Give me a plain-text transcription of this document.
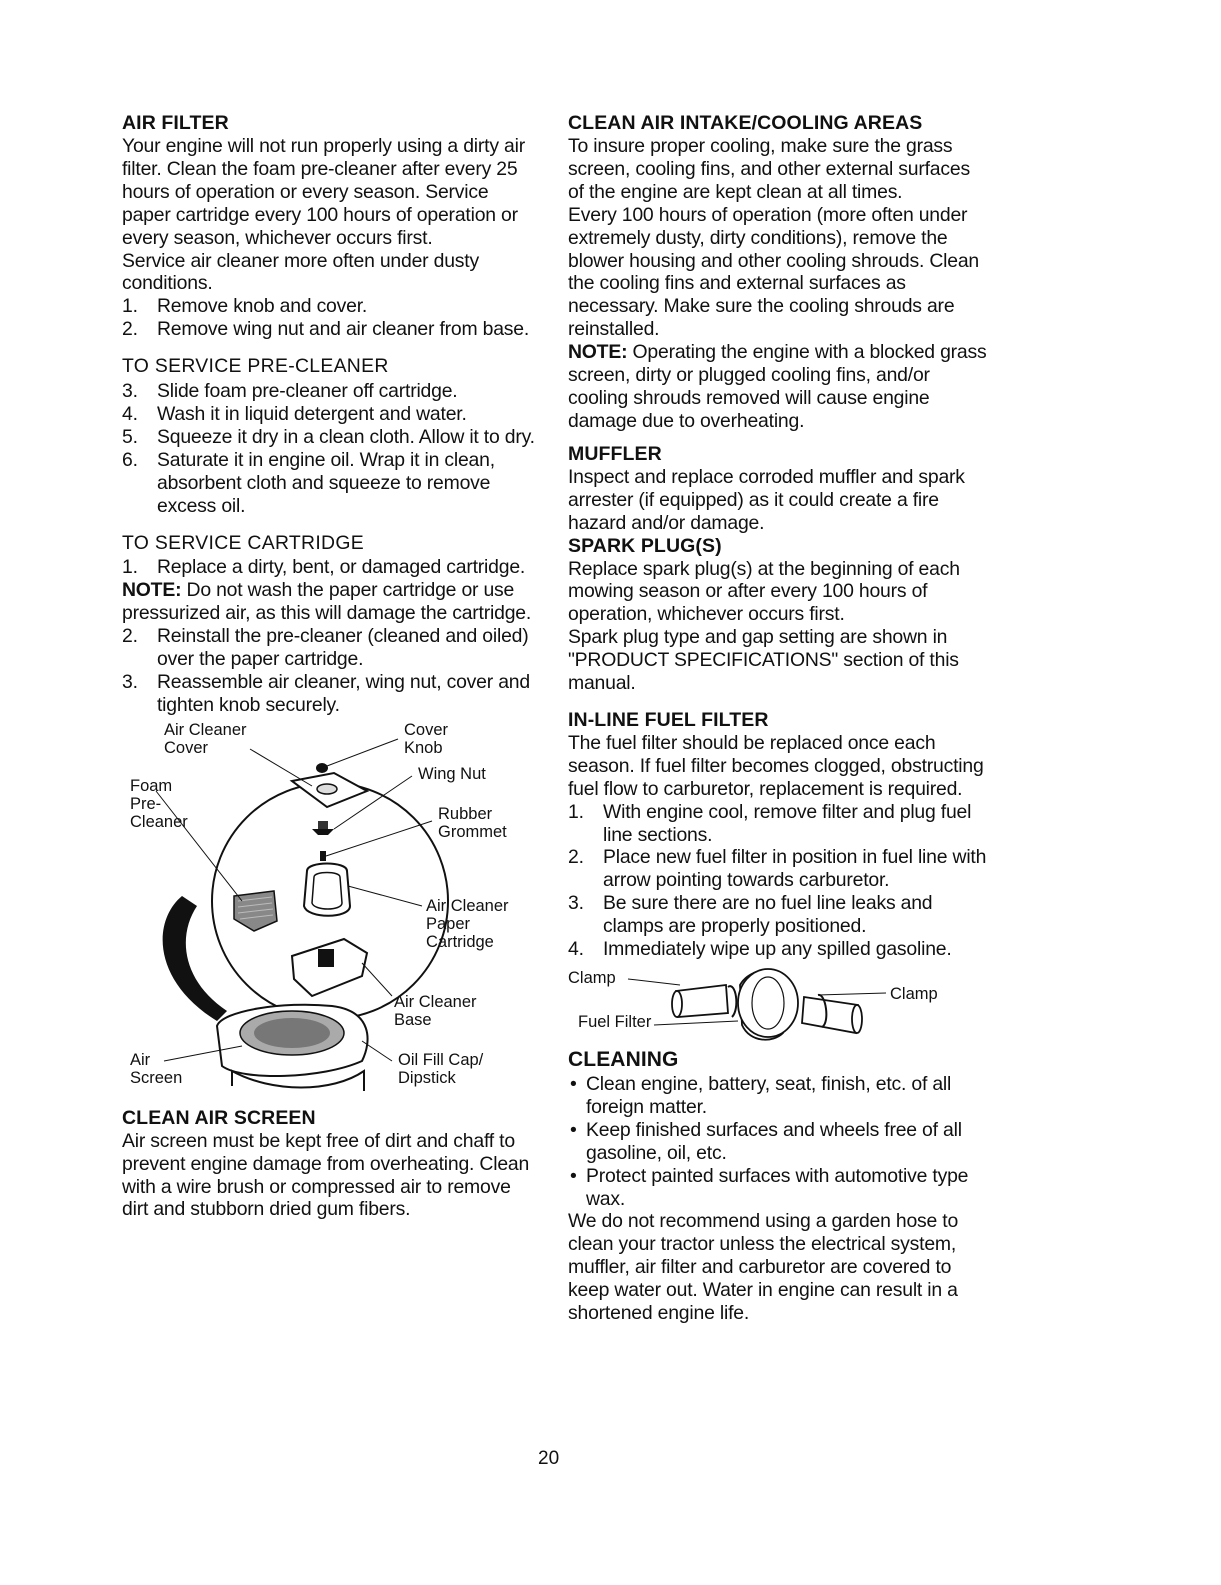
AIR FILTER

Your engine will not run properly using a dirty air filter. Clean the foam pre-cleaner after every 25 hours of operation or every season. Service paper cartridge every 100 hours of operation or every season, whichever occurs first.

Service air cleaner more often under dusty conditions.

1. Remove knob and cover.
2. Remove wing nut and air cleaner from base.

TO SERVICE PRE-CLEANER

3. Slide foam pre-cleaner off cartridge.
4. Wash it in liquid detergent and water.
5. Squeeze it dry in a clean cloth. Allow it to dry.
6. Saturate it in engine oil. Wrap it in clean, absorbent cloth and squeeze to remove excess oil.

TO SERVICE CARTRIDGE

1. Replace a dirty, bent, or damaged cartridge.

NOTE: Do not wash the paper cartridge or use pressurized air, as this will damage the cartridge.

2. Reinstall the pre-cleaner (cleaned and oiled) over the paper cartridge.
3. Reassemble air cleaner, wing nut, cover and tighten knob securely.
Air Cleaner
Cover
Cover
Knob
Wing Nut
Foam
Pre-
Cleaner	Rubber
Grommet
Air Cleaner
Paper
Cartridge
Air Cleaner
Base
Air
Screen
Oil Fill Cap/
Dipstick
CLEAN AIR SCREEN

Air screen must be kept free of dirt and chaff to prevent engine damage from overheating. Clean with a wire brush or compressed air to remove dirt and stubborn dried gum fibers.

CLEAN AIR INTAKE/COOLING AREAS

To insure proper cooling, make sure the grass screen, cooling fins, and other external surfaces of the engine are kept clean at all times.

Every 100 hours of operation (more often under extremely dusty, dirty conditions), remove the blower housing and other cooling shrouds. Clean the cooling fins and external surfaces as necessary. Make sure the cooling shrouds are reinstalled.

NOTE: Operating the engine with a blocked grass screen, dirty or plugged cooling fins, and/or cooling shrouds removed will cause engine damage due to overheating.

MUFFLER

Inspect and replace corroded muffler and spark arrester (if equipped) as it could create a fire hazard and/or damage.

SPARK PLUG(S)

Replace spark plug(s) at the beginning of each mowing season or after every 100 hours of operation, whichever occurs first.

Spark plug type and gap setting are shown in "PRODUCT SPECIFICATIONS" section of this manual.

IN-LINE FUEL FILTER

The fuel filter should be replaced once each season. If fuel filter becomes clogged, obstructing fuel flow to carburetor, replacement is required.

1. With engine cool, remove filter and plug fuel line sections.
2. Place new fuel filter in position in fuel line with arrow pointing towards carburetor.
3. Be sure there are no fuel line leaks and clamps are properly positioned.
4. Immediately wipe up any spilled gasoline.
Clamp
Clamp
Fuel Filter
CLEANING
• Clean engine, battery, seat, finish, etc. of all foreign matter.
• Keep finished surfaces and wheels free of all gasoline, oil, etc.
• Protect painted surfaces with automotive type wax.

We do not recommend using a garden hose to clean your tractor unless the electrical system, muffler, air filter and carburetor are covered to keep water out. Water in engine can result in a shortened engine life.

20
